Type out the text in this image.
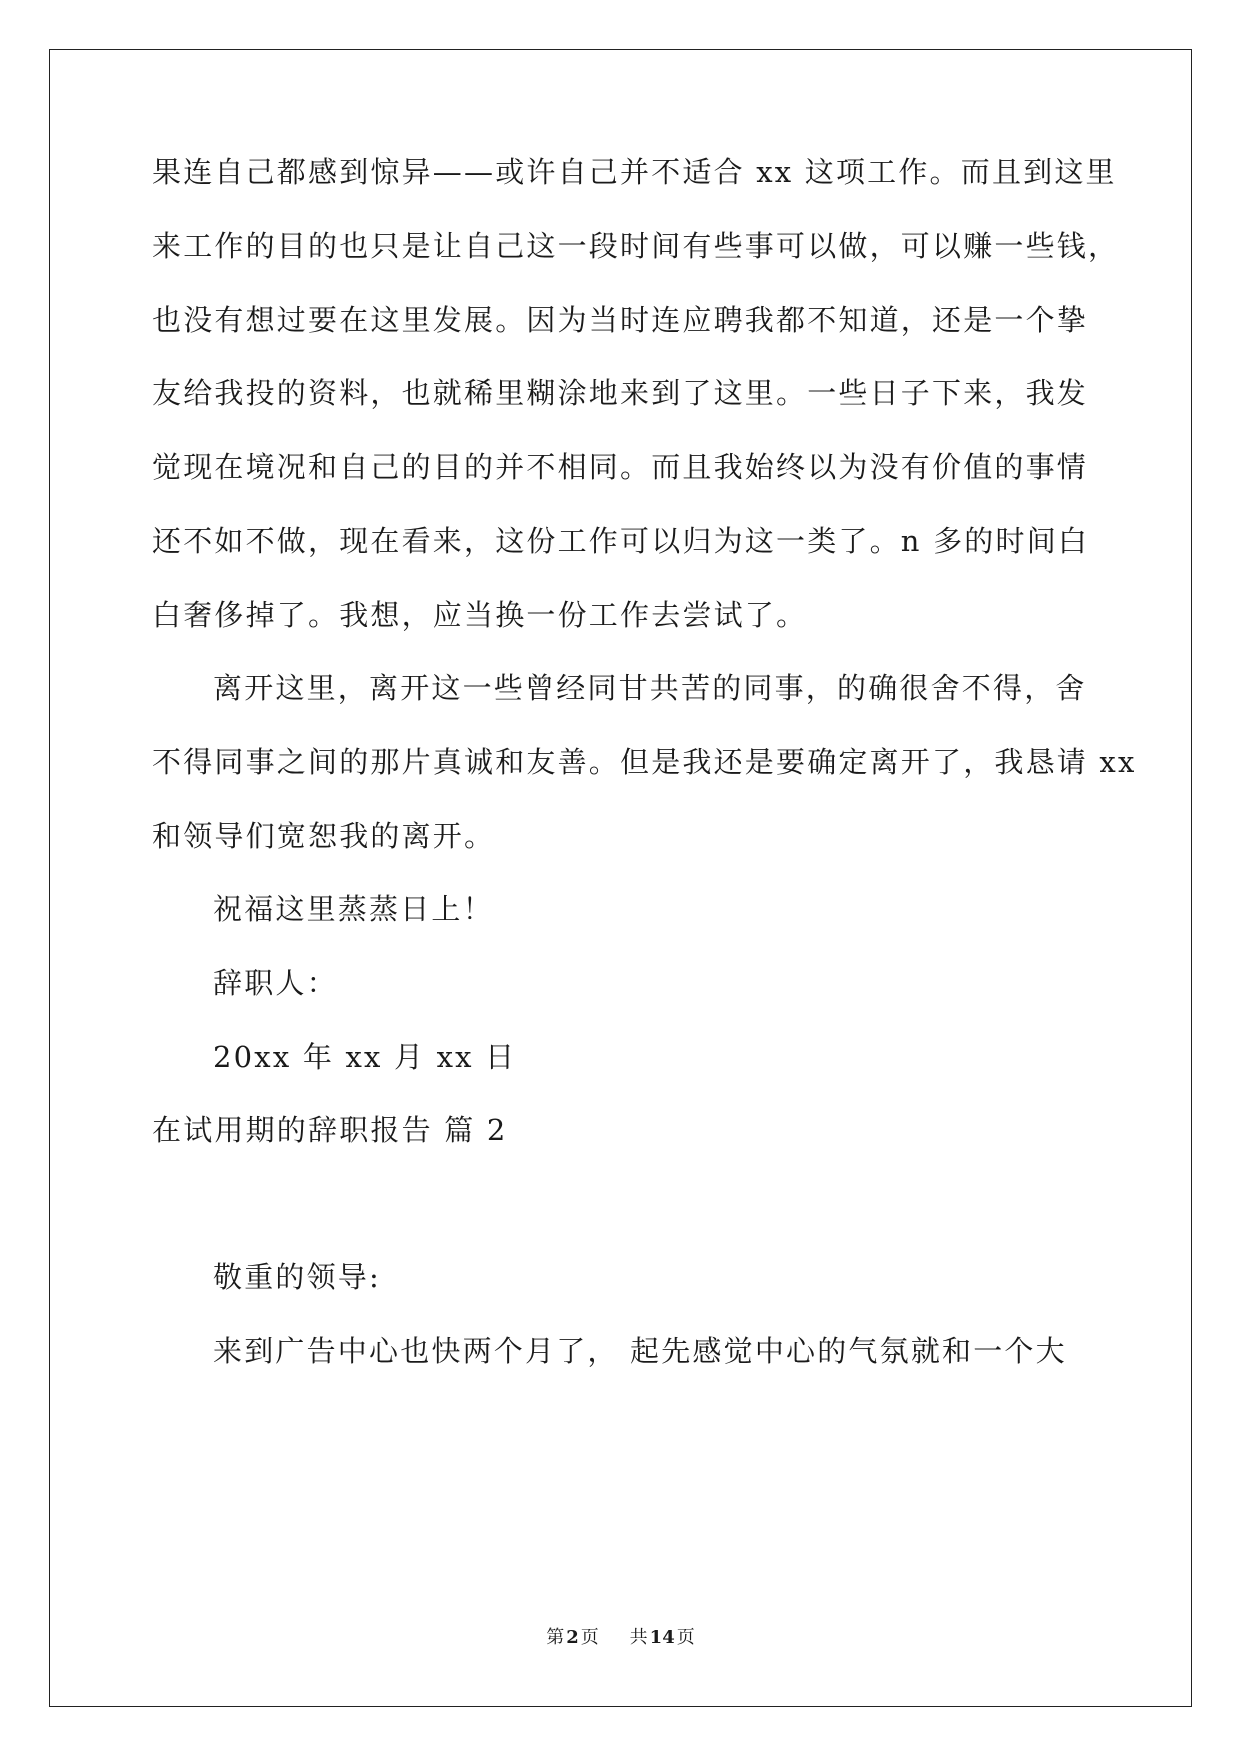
果连自己都感到惊异——或许自己并不适合 xx 这项工作。而且到这里
来工作的目的也只是让自己这一段时间有些事可以做，可以赚一些钱，
也没有想过要在这里发展。因为当时连应聘我都不知道，还是一个挚
友给我投的资料，也就稀里糊涂地来到了这里。一些日子下来，我发
觉现在境况和自己的目的并不相同。而且我始终以为没有价值的事情
还不如不做，现在看来，这份工作可以归为这一类了。n 多的时间白
白奢侈掉了。我想，应当换一份工作去尝试了。
离开这里，离开这一些曾经同甘共苦的同事，的确很舍不得，舍
不得同事之间的那片真诚和友善。但是我还是要确定离开了，我恳请 xx
和领导们宽恕我的离开。
祝福这里蒸蒸日上！
辞职人：
20xx 年 xx 月 xx 日
在试用期的辞职报告 篇 2
敬重的领导:
来到广告中心也快两个月了， 起先感觉中心的气氛就和一个大
第 2 页 共 14 页
